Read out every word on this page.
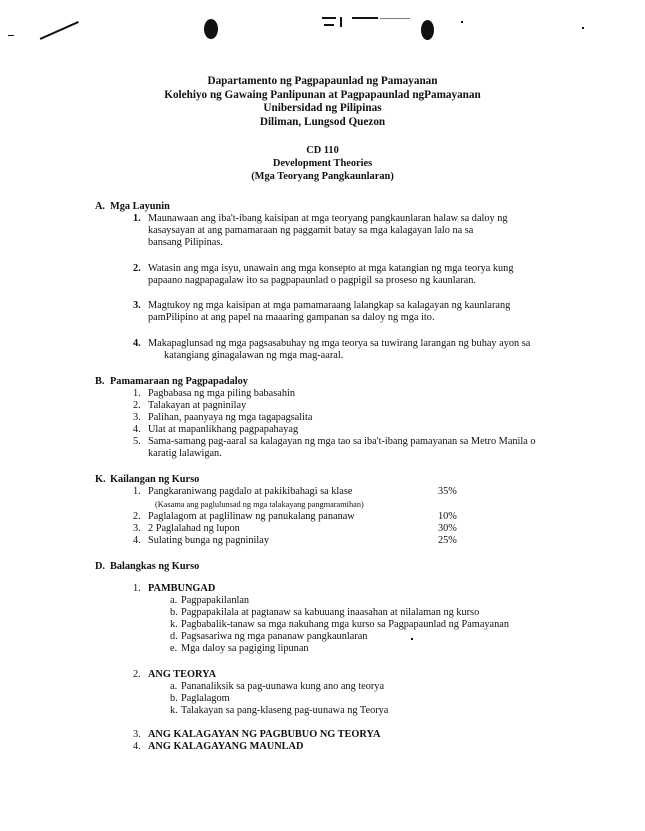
Dapartamento ng Pagpapaunlad ng Pamayanan
Kolehiyo ng Gawaing Panlipunan at Pagpapaunlad ngPamayanan
Unibersidad ng Pilipinas
Diliman, Lungsod Quezon
CD 110
Development Theories
(Mga Teoryang Pangkaunlaran)
A. Mga Layunin
1. Maunawaan ang iba't-ibang kaisipan at mga teoryang pangkaunlaran halaw sa daloy ng
kasaysayan at ang pamamaraan ng paggamit batay sa mga kalagayan lalo na sa
bansang Pilipinas.
2. Watasin ang mga isyu, unawain ang mga konsepto at mga katangian ng mga teorya kung
papaano nagpapagalaw ito sa pagpapaunlad o pagpigil sa proseso ng kaunlaran.
3. Magtukoy ng mga kaisipan at mga pamamaraang lalangkap sa kalagayan ng kaunlarang
pamPilipino at ang papel na maaaring gampanan sa daloy ng mga ito.
4. Makapaglunsad ng mga pagsasabuhay ng mga teorya sa tuwirang larangan ng buhay ayon sa
katangiang ginagalawan ng mga mag-aaral.
B. Pamamaraan ng Pagpapadaloy
1. Pagbabasa ng mga piling babasahin
2. Talakayan at pagninilay
3. Palihan, paanyaya ng mga tagapagsalita
4. Ulat at mapanlikhang pagpapahayag
5. Sama-samang pag-aaral sa kalagayan ng mga tao sa iba't-ibang pamayanan sa Metro Manila o
karatig lalawigan.
K. Kailangan ng Kurso
1. Pangkaraniwang pagdalo at pakikibahagi sa klase	35%
(Kasama ang paglulunsad ng mga talakayang pangmaramihan)
2. Paglalagom at paglilinaw ng panukalang pananaw	10%
3. 2 Paglalahad ng lupon	30%
4. Sulating bunga ng pagninilay	25%
D. Balangkas ng Kurso
1. PAMBUNGAD
a. Pagpapakilanlan
b. Pagpapakilala at pagtanaw sa kabuuang inaasahan at nilalaman ng kurso
k. Pagbabalik-tanaw sa mga nakuhang mga kurso sa Pagpapaunlad ng Pamayanan
d. Pagsasariwa ng mga pananaw pangkaunlaran
e. Mga daloy sa pagiging lipunan
2. ANG TEORYA
a. Pananaliksik sa pag-uunawa kung ano ang teorya
b. Paglalagom
k. Talakayan sa pang-klaseng pag-uunawa ng Teorya
3. ANG KALAGAYAN NG PAGBUBUO NG TEORYA
4. ANG KALAGAYANG MAUNLAD
